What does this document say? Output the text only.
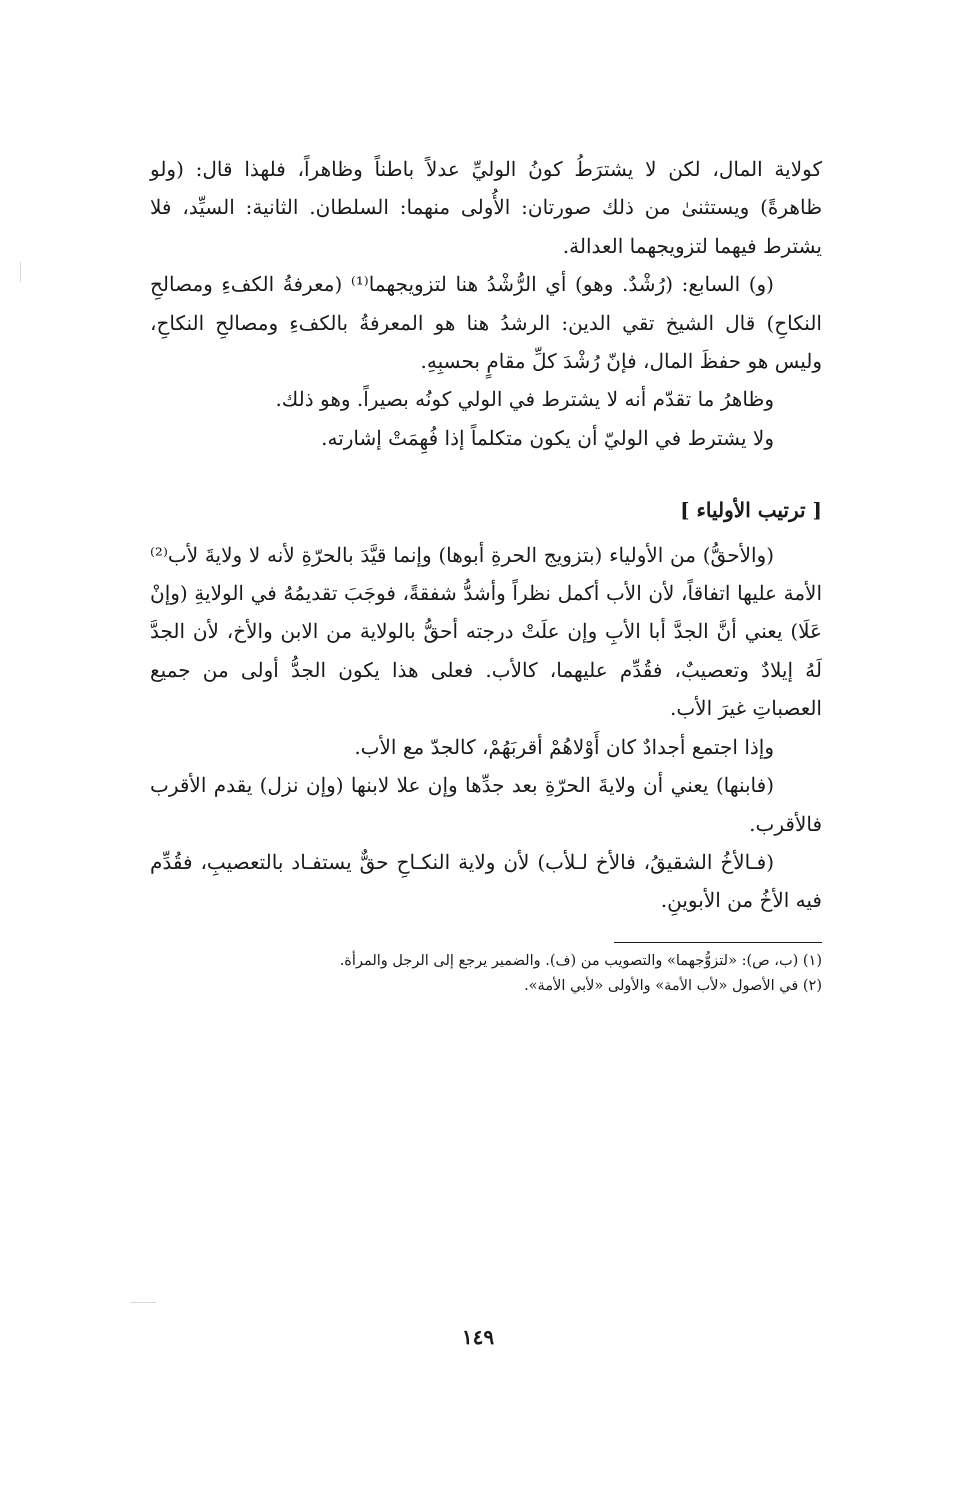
كولاية المال، لكن لا يشترَطُ كونُ الوليِّ عدلاً باطناً وظاهراً، فلهذا قال: (ولو ظاهرةً) ويستثنىٰ من ذلك صورتان: الأُولى منهما: السلطان. الثانية: السيِّد، فلا يشترط فيهما لتزويجهما العدالة.

(و) السابع: (رُشْدٌ. وهو) أي الرُّشْدُ هنا لتزويجهما⁽¹⁾ (معرفةُ الكفءِ ومصالحِ النكاحِ) قال الشيخ تقي الدين: الرشدُ هنا هو المعرفةُ بالكفءِ ومصالحِ النكاحِ، وليس هو حفظَ المال، فإنّ رُشْدَ كلِّ مقامٍ بحسبِهِ.

وظاهرُ ما تقدّم أنه لا يشترط في الولي كونُه بصيراً. وهو ذلك.

ولا يشترط في الوليّ أن يكون متكلماً إذا فُهِمَتْ إشارته.

[ ترتيب الأولياء ]

(والأحقُّ) من الأولياء (بتزويج الحرةِ أبوها) وإنما قيَّدَ بالحرّةِ لأنه لا ولايةَ لأب⁽²⁾ الأمة عليها اتفاقاً، لأن الأب أكمل نظراً وأشدُّ شفقةً، فوجَبَ تقديمُهُ في الولايةِ (وإنْ عَلَا) يعني أنَّ الجدَّ أبا الأبِ وإن علَتْ درجته أحقُّ بالولاية من الابن والأخ، لأن الجدَّ لَهُ إيلادٌ وتعصيبٌ، فقُدِّم عليهما، كالأب. فعلى هذا يكون الجدُّ أولى من جميع العصباتِ غيرَ الأب.

وإذا اجتمع أجدادٌ كان أَوْلاهُمْ أقربَهُمْ، كالجدّ مع الأب.

(فابنها) يعني أن ولايةَ الحرّةِ بعد جدِّها وإن علا لابنها (وإن نزل) يقدم الأقرب فالأقرب.

(فـالأخُ الشقيقُ، فالأخ لـلأب) لأن ولاية النكـاحِ حقٌّ يستفـاد بالتعصيبِ، فقُدِّم فيه الأخُ من الأبوينِ.

(١) (ب، ص): «لتزوُّجهما» والتصويب من (ف). والضمير يرجع إلى الرجل والمرأة.

(٢) في الأصول «لأب الأمة» والأولى «لأبي الأمة».

١٤٩
